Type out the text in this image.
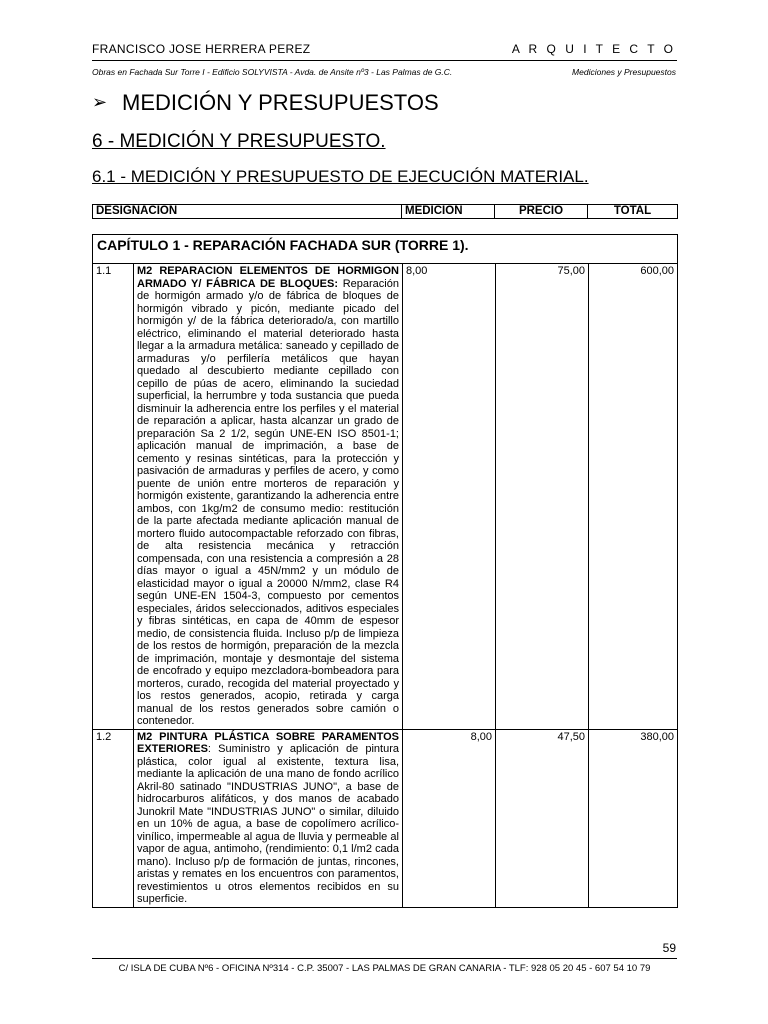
FRANCISCO JOSE HERRERA PEREZ	A R Q U I T E C T O
Obras en Fachada Sur Torre I - Edificio SOLYVISTA - Avda. de Ansite nº3 - Las Palmas de G.C.	Mediciones y Presupuestos
➢ MEDICIÓN Y PRESUPUESTOS
6 - MEDICIÓN Y PRESUPUESTO.
6.1 - MEDICIÓN Y PRESUPUESTO DE EJECUCIÓN MATERIAL.
DESIGNACION	MEDICION	PRECIO	TOTAL
CAPÍTULO 1 - REPARACIÓN FACHADA SUR (TORRE 1).
1.1	M2 REPARACION ELEMENTOS DE HORMIGON ARMADO Y/ FÁBRICA DE BLOQUES: Reparación de hormigón armado y/o de fábrica de bloques de hormigón vibrado y picón, mediante picado del hormigón y/ de la fábrica deteriorado/a, con martillo eléctrico, eliminando el material deteriorado hasta llegar a la armadura metálica: saneado y cepillado de armaduras y/o perfilería metálicos que hayan quedado al descubierto mediante cepillado con cepillo de púas de acero, eliminando la suciedad superficial, la herrumbre y toda sustancia que pueda disminuir la adherencia entre los perfiles y el material de reparación a aplicar, hasta alcanzar un grado de preparación Sa 2 1/2, según UNE-EN ISO 8501-1; aplicación manual de imprimación, a base de cemento y resinas sintéticas, para la protección y pasivación de armaduras y perfiles de acero, y como puente de unión entre morteros de reparación y hormigón existente, garantizando la adherencia entre ambos, con 1kg/m2 de consumo medio: restitución de la parte afectada mediante aplicación manual de mortero fluido autocompactable reforzado con fibras, de alta resistencia mecánica y retracción compensada, con una resistencia a compresión a 28 días mayor o igual a 45N/mm2 y un módulo de elasticidad mayor o igual a 20000 N/mm2, clase R4 según UNE-EN 1504-3, compuesto por cementos especiales, áridos seleccionados, aditivos especiales y fibras sintéticas, en capa de 40mm de espesor medio, de consistencia fluida. Incluso p/p de limpieza de los restos de hormigón, preparación de la mezcla de imprimación, montaje y desmontaje del sistema de encofrado y equipo mezcladora-bombeadora para morteros, curado, recogida del material proyectado y los restos generados, acopio, retirada y carga manual de los restos generados sobre camión o contenedor.	8,00	75,00	600,00
1.2	M2 PINTURA PLÁSTICA SOBRE PARAMENTOS EXTERIORES: Suministro y aplicación de pintura plástica, color igual al existente, textura lisa, mediante la aplicación de una mano de fondo acrílico Akril-80 satinado "INDUSTRIAS JUNO", a base de hidrocarburos alifáticos, y dos manos de acabado Junokril Mate "INDUSTRIAS JUNO" o similar, diluido en un 10% de agua, a base de copolímero acrílico-vinílico, impermeable al agua de lluvia y permeable al vapor de agua, antimoho, (rendimiento: 0,1 l/m2 cada mano). Incluso p/p de formación de juntas, rincones, aristas y remates en los encuentros con paramentos, revestimientos u otros elementos recibidos en su superficie.	8,00	47,50	380,00
59
C/ ISLA DE CUBA Nº6 - OFICINA Nº314 - C.P. 35007 - LAS PALMAS DE GRAN CANARIA - TLF: 928 05 20 45 - 607 54 10 79
